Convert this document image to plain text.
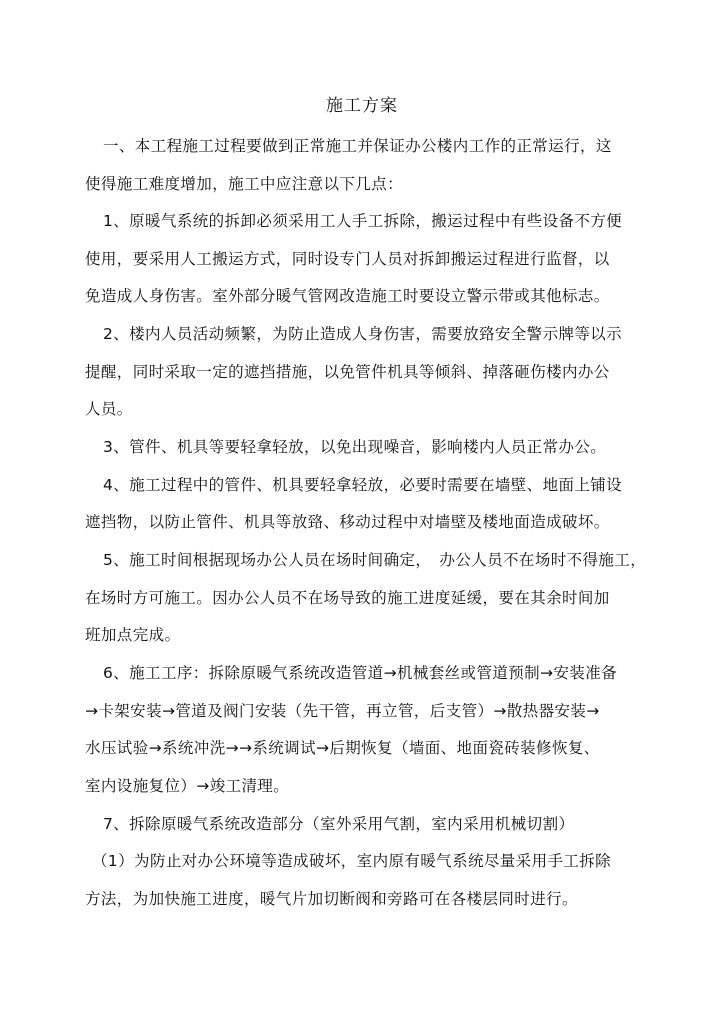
施工方案
一、本工程施工过程要做到正常施工并保证办公楼内工作的正常运行，这
使得施工难度增加，施工中应注意以下几点：
1、原暖气系统的拆卸必须采用工人手工拆除，搬运过程中有些设备不方便
使用，要采用人工搬运方式，同时设专门人员对拆卸搬运过程进行监督，以
免造成人身伤害。室外部分暖气管网改造施工时要设立警示带或其他标志。
2、楼内人员活动频繁，为防止造成人身伤害，需要放臵安全警示牌等以示
提醒，同时采取一定的遮挡措施，以免管件机具等倾斜、掉落砸伤楼内办公
人员。
3、管件、机具等要轻拿轻放，以免出现噪音，影响楼内人员正常办公。
4、施工过程中的管件、机具要轻拿轻放，必要时需要在墙壁、地面上铺设
遮挡物，以防止管件、机具等放臵、移动过程中对墙壁及楼地面造成破坏。
5、施工时间根据现场办公人员在场时间确定，　办公人员不在场时不得施工，
在场时方可施工。因办公人员不在场导致的施工进度延缓，要在其余时间加
班加点完成。
6、施工工序：拆除原暖气系统改造管道→机械套丝或管道预制→安装准备
→卡架安装→管道及阀门安装（先干管，再立管，后支管）→散热器安装→
水压试验→系统冲洗→→系统调试→后期恢复（墙面、地面瓷砖装修恢复、
室内设施复位）→竣工清理。
7、拆除原暖气系统改造部分（室外采用气割，室内采用机械切割）
（1）为防止对办公环境等造成破坏，室内原有暖气系统尽量采用手工拆除
方法，为加快施工进度，暖气片加切断阀和旁路可在各楼层同时进行。
